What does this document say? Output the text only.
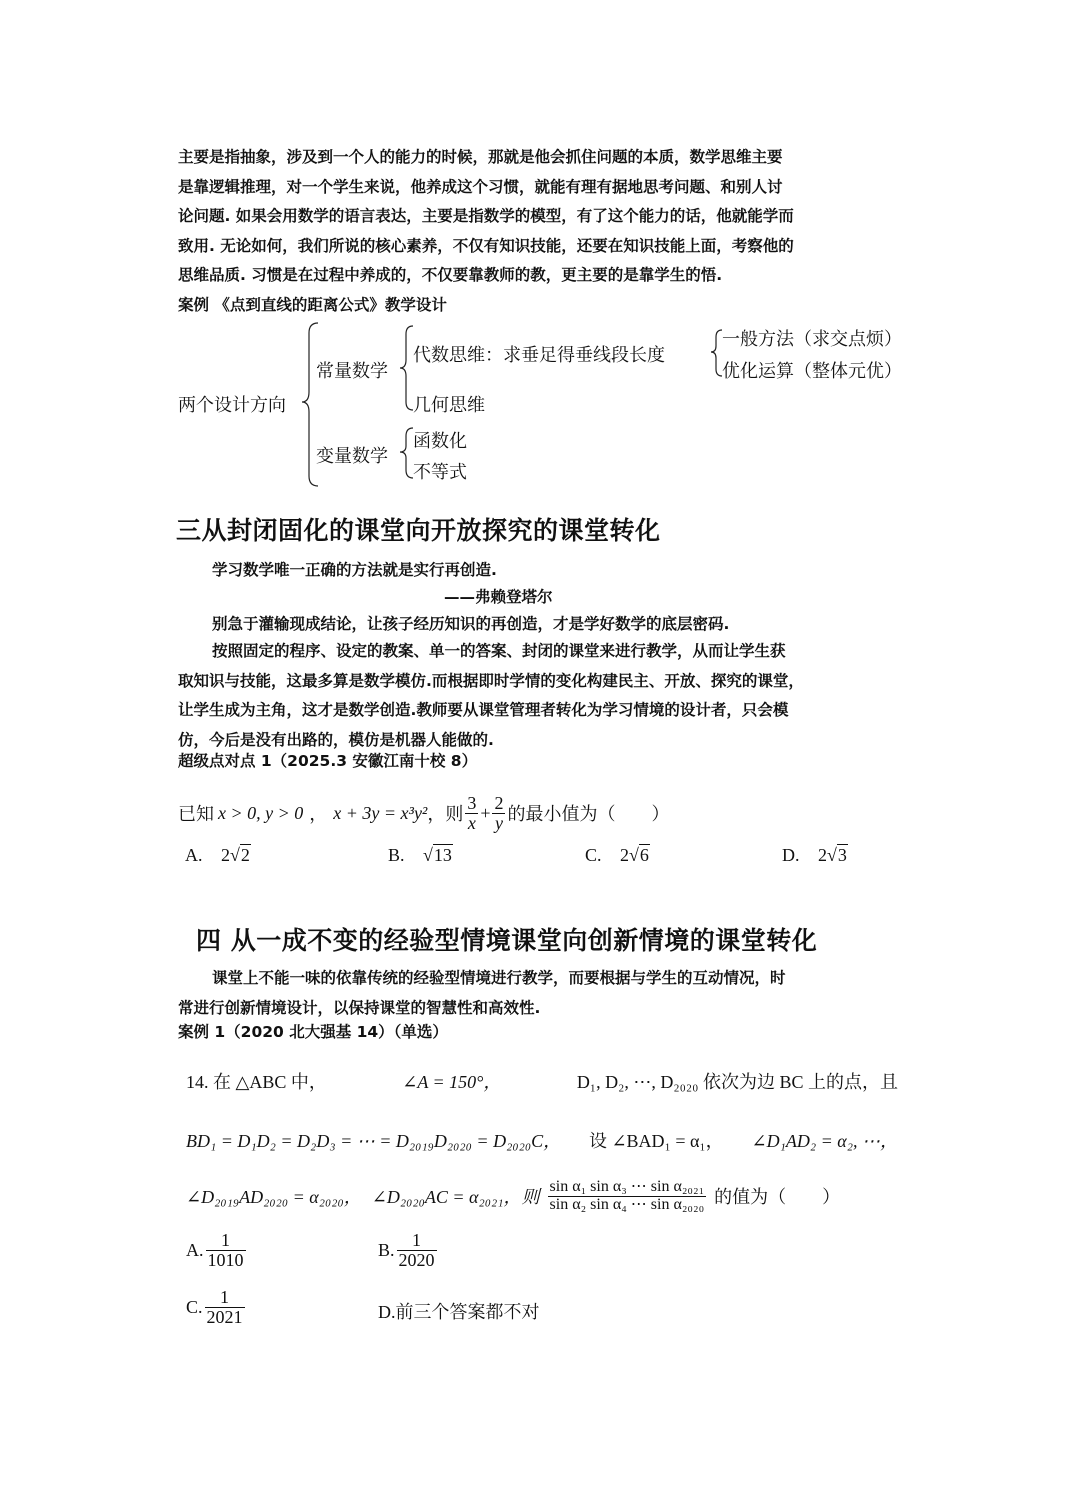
主要是指抽象，涉及到一个人的能力的时候，那就是他会抓住问题的本质，数学思维主要
是靠逻辑推理，对一个学生来说，他养成这个习惯，就能有理有据地思考问题、和别人讨
论问题. 如果会用数学的语言表达，主要是指数学的模型，有了这个能力的话，他就能学而
致用. 无论如何，我们所说的核心素养，不仅有知识技能，还要在知识技能上面，考察他的
思维品质. 习惯是在过程中养成的，不仅要靠教师的教，更主要的是靠学生的悟.
案例 《点到直线的距离公式》教学设计
两个设计方向
常量数学
代数思维：求垂足得垂线段长度
一般方法（求交点烦）
优化运算（整体元优）
几何思维
变量数学
函数化
不等式
三从封闭固化的课堂向开放探究的课堂转化
学习数学唯一正确的方法就是实行再创造.
——弗赖登塔尔
别急于灌输现成结论，让孩子经历知识的再创造，才是学好数学的底层密码.
按照固定的程序、设定的教案、单一的答案、封闭的课堂来进行教学，从而让学生获
取知识与技能，这最多算是数学模仿.而根据即时学情的变化构建民主、开放、探究的课堂，
让学生成为主角，这才是数学创造.教师要从课堂管理者转化为学习情境的设计者，只会模
仿，今后是没有出路的，模仿是机器人能做的.
超级点对点 1（2025.3 安徽江南十校 8）
已知 x > 0, y > 0 ， x + 3y = x³y² ，则 $\frac{3}{x} + \frac{2}{y}$ 的最小值为（　　）
A. 2√2	B. √13	C. 2√6	D. 2√3
四 从一成不变的经验型情境课堂向创新情境的课堂转化
课堂上不能一味的依靠传统的经验型情境进行教学，而要根据与学生的互动情况，时
常进行创新情境设计，以保持课堂的智慧性和高效性.
案例 1（2020 北大强基 14）（单选）
14. 在 △ABC 中，	∠A = 150°，	D₁, D₂, ⋯, D₂₀₂₀ 依次为边 BC 上的点，且
BD₁ = D₁D₂ = D₂D₃ = ⋯ = D₂₀₁₉D₂₀₂₀ = D₂₀₂₀C， 设 ∠BAD₁ = α₁， ∠D₁AD₂ = α₂, ⋯，
∠D₂₀₁₉AD₂₀₂₀ = α₂₀₂₀， ∠D₂₀₂₀AC = α₂₀₂₁，则 $\frac{\text{sin α₁ sin α₃ ⋯ sin α₂₀₂₁}}{\text{sin α₂ sin α₄ ⋯ sin α₂₀₂₀}}$ 的值为（　　）
A. $\frac{1}{1010}$	B. $\frac{1}{2020}$
C. $\frac{1}{2021}$	D.前三个答案都不对
